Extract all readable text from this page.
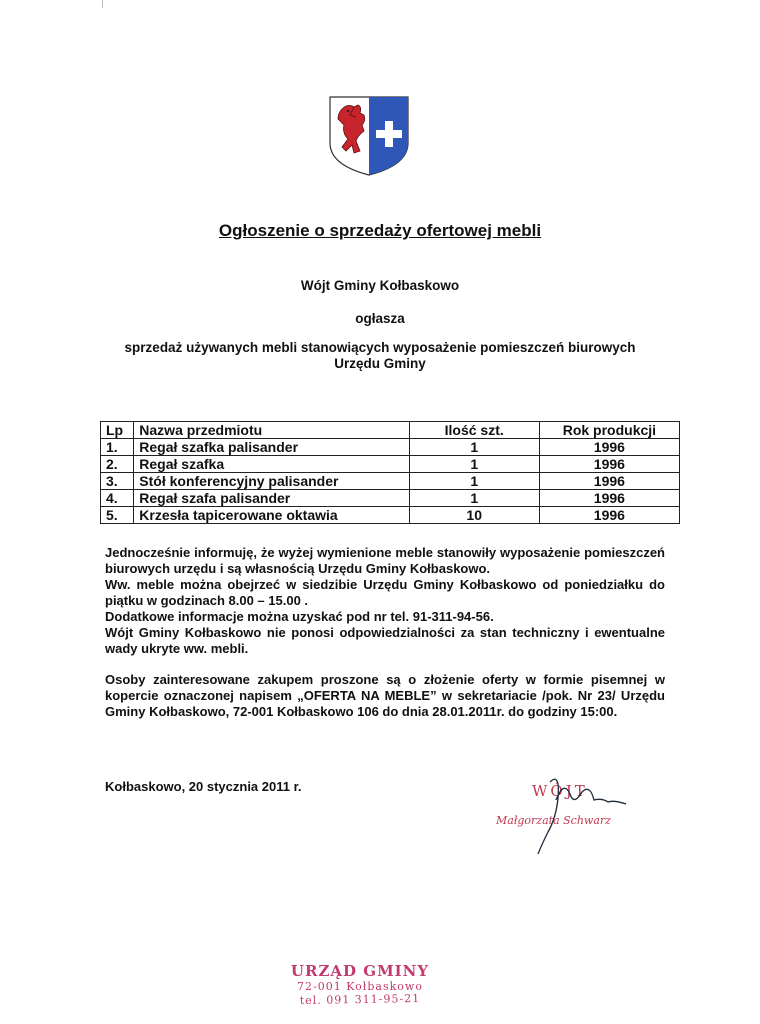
Ogłoszenie o sprzedaży ofertowej mebli
Wójt Gminy Kołbaskowo
ogłasza
sprzedaż używanych mebli stanowiących wyposażenie pomieszczeń biurowych
Urzędu Gminy
Lp	Nazwa przedmiotu	Ilość szt.	Rok produkcji
1.	Regał szafka palisander	1	1996
2.	Regał szafka	1	1996
3.	Stół konferencyjny palisander	1	1996
4.	Regał szafa palisander	1	1996
5.	Krzesła tapicerowane oktawia	10	1996

Jednocześnie informuję, że wyżej wymienione meble stanowiły wyposażenie pomieszczeń biurowych urzędu i są własnością Urzędu Gminy Kołbaskowo.

Ww. meble można obejrzeć w siedzibie Urzędu Gminy Kołbaskowo od poniedziałku do piątku w godzinach 8.00 – 15.00 .

Dodatkowe informacje można uzyskać pod nr tel. 91-311-94-56.

Wójt Gminy Kołbaskowo nie ponosi odpowiedzialności za stan techniczny i ewentualne wady ukryte ww. mebli.

Osoby zainteresowane zakupem proszone są o złożenie oferty w formie pisemnej w kopercie oznaczonej napisem „OFERTA NA MEBLE” w sekretariacie /pok. Nr 23/ Urzędu Gminy Kołbaskowo, 72-001 Kołbaskowo 106 do dnia 28.01.2011r. do godziny 15:00.

Kołbaskowo, 20 stycznia 2011 r.	WÓJT
Małgorzata Schwarz
URZĄD GMINY
72-001 Kołbaskowo
tel. 091 311-95-21
